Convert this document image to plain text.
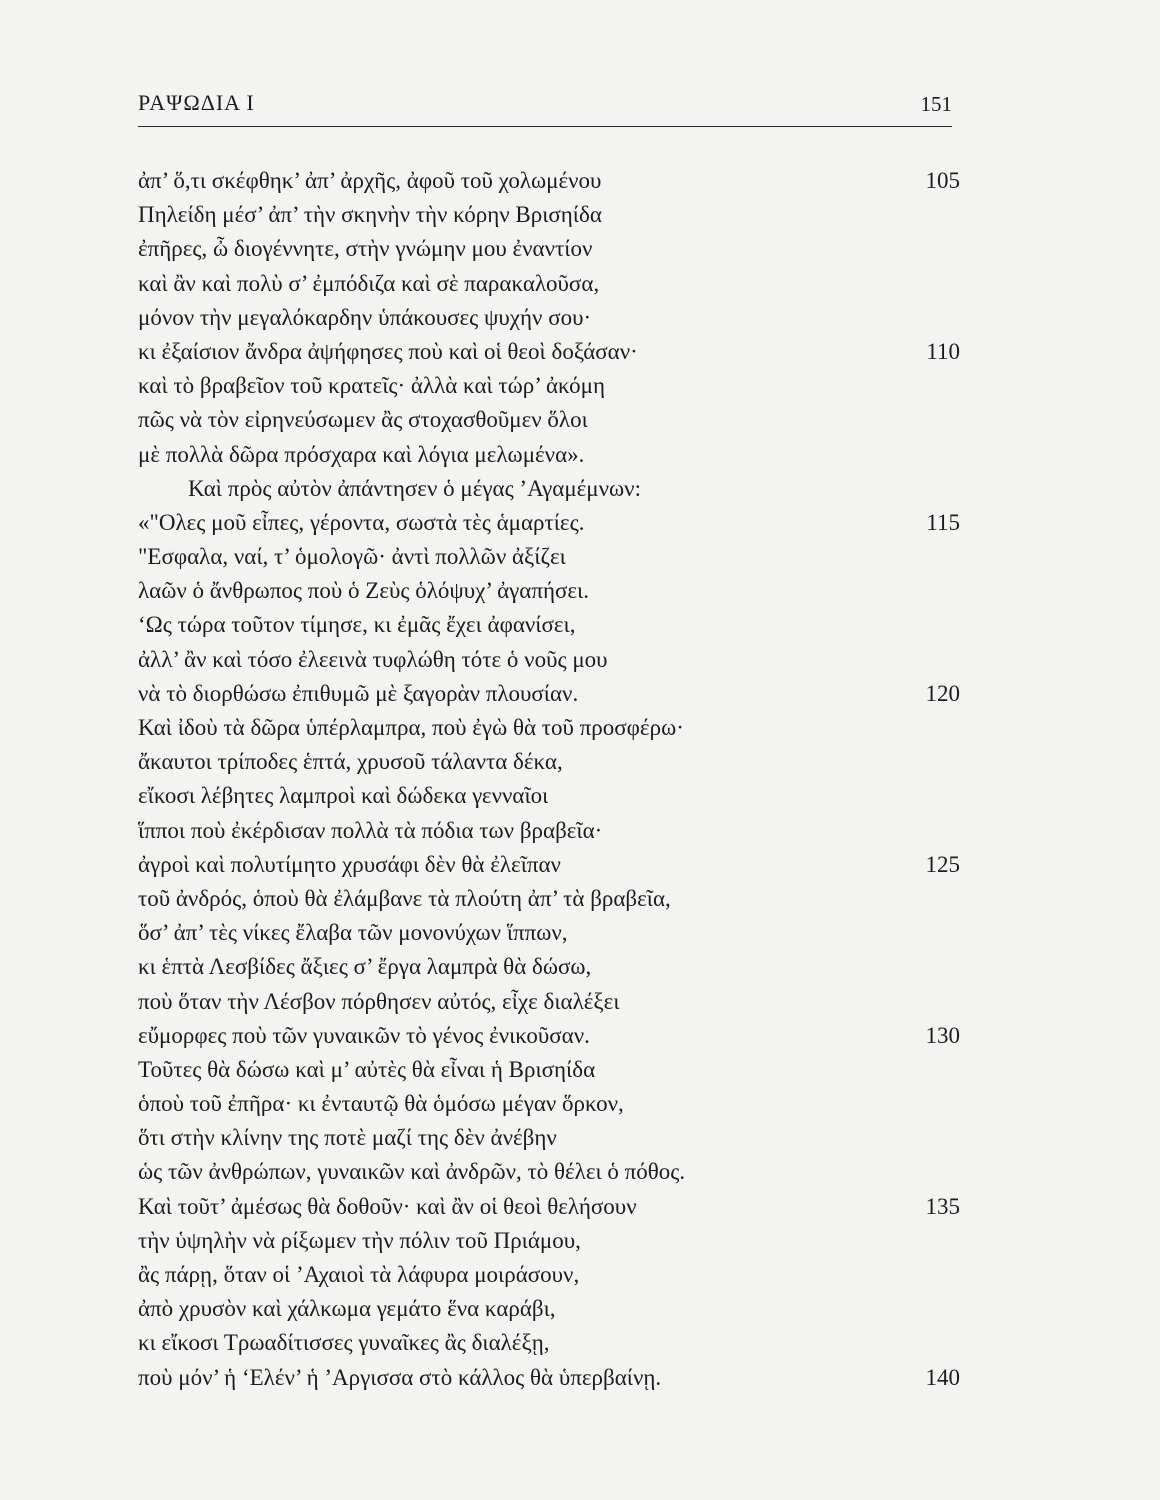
ΡΑΨΩΔΙΑ Ι	151
ἀπ’ ὅ,τι σκέφθηκ’ ἀπ’ ἀρχῆς, ἀφοῦ τοῦ χολωμένου	105
Πηλείδη μέσ’ ἀπ’ τὴν σκηνὴν τὴν κόρην Βρισηίδα
ἐπῆρες, ὦ διογέννητε, στὴν γνώμην μου ἐναντίον
καὶ ἂν καὶ πολὺ σ’ ἐμπόδιζα καὶ σὲ παρακαλοῦσα,
μόνον τὴν μεγαλόκαρδην ὑπάκουσες ψυχήν σου·
κι ἐξαίσιον ἄνδρα ἀψήφησες ποὺ καὶ οἱ θεοὶ δοξάσαν·	110
καὶ τὸ βραβεῖον τοῦ κρατεῖς· ἀλλὰ καὶ τώρ’ ἀκόμη
πῶς νὰ τὸν εἰρηνεύσωμεν ἂς στοχασθοῦμεν ὅλοι
μὲ πολλὰ δῶρα πρόσχαρα καὶ λόγια μελωμένα».
Καὶ πρὸς αὐτὸν ἀπάντησεν ὁ μέγας ’Αγαμέμνων:
«"Ολες μοῦ εἶπες, γέροντα, σωστὰ τὲς ἁμαρτίες.	115
"Εσφαλα, ναί, τ’ ὁμολογῶ· ἀντὶ πολλῶν ἀξίζει
λαῶν ὁ ἄνθρωπος ποὺ ὁ Ζεὺς ὁλόψυχ’ ἀγαπήσει.
‘Ως τώρα τοῦτον τίμησε, κι ἐμᾶς ἔχει ἀφανίσει,
ἀλλ’ ἂν καὶ τόσο ἐλεεινὰ τυφλώθη τότε ὁ νοῦς μου
νὰ τὸ διορθώσω ἐπιθυμῶ μὲ ξαγορὰν πλουσίαν.	120
Καὶ ἰδοὺ τὰ δῶρα ὑπέρλαμπρα, ποὺ ἐγὼ θὰ τοῦ προσφέρω·
ἄκαυτοι τρίποδες ἑπτά, χρυσοῦ τάλαντα δέκα,
εἴκοσι λέβητες λαμπροὶ καὶ δώδεκα γενναῖοι
ἵπποι ποὺ ἐκέρδισαν πολλὰ τὰ πόδια των βραβεῖα·
ἀγροὶ καὶ πολυτίμητο χρυσάφι δὲν θὰ ἐλεῖπαν	125
τοῦ ἀνδρός, ὁποὺ θὰ ἐλάμβανε τὰ πλούτη ἀπ’ τὰ βραβεῖα,
ὅσ’ ἀπ’ τὲς νίκες ἔλαβα τῶν μονονύχων ἵππων,
κι ἑπτὰ Λεσβίδες ἄξιες σ’ ἔργα λαμπρὰ θὰ δώσω,
ποὺ ὅταν τὴν Λέσβον πόρθησεν αὐτός, εἶχε διαλέξει
εὔμορφες ποὺ τῶν γυναικῶν τὸ γένος ἐνικοῦσαν.	130
Τοῦτες θὰ δώσω καὶ μ’ αὐτὲς θὰ εἶναι ἡ Βρισηίδα
ὁποὺ τοῦ ἐπῆρα· κι ἐνταυτῷ θὰ ὁμόσω μέγαν ὅρκον,
ὅτι στὴν κλίνην της ποτὲ μαζί της δὲν ἀνέβην
ὡς τῶν ἀνθρώπων, γυναικῶν καὶ ἀνδρῶν, τὸ θέλει ὁ πόθος.
Καὶ τοῦτ’ ἀμέσως θὰ δοθοῦν· καὶ ἂν οἱ θεοὶ θελήσουν	135
τὴν ὑψηλὴν νὰ ρίξωμεν τὴν πόλιν τοῦ Πριάμου,
ἂς πάρῃ, ὅταν οἱ ’Αχαιοὶ τὰ λάφυρα μοιράσουν,
ἀπὸ χρυσὸν καὶ χάλκωμα γεμάτο ἕνα καράβι,
κι εἴκοσι Τρωαδίτισσες γυναῖκες ἂς διαλέξῃ,
ποὺ μόν’ ἡ ‘Ελέν’ ἡ ’Αργισσα στὸ κάλλος θὰ ὑπερβαίνῃ.	140
